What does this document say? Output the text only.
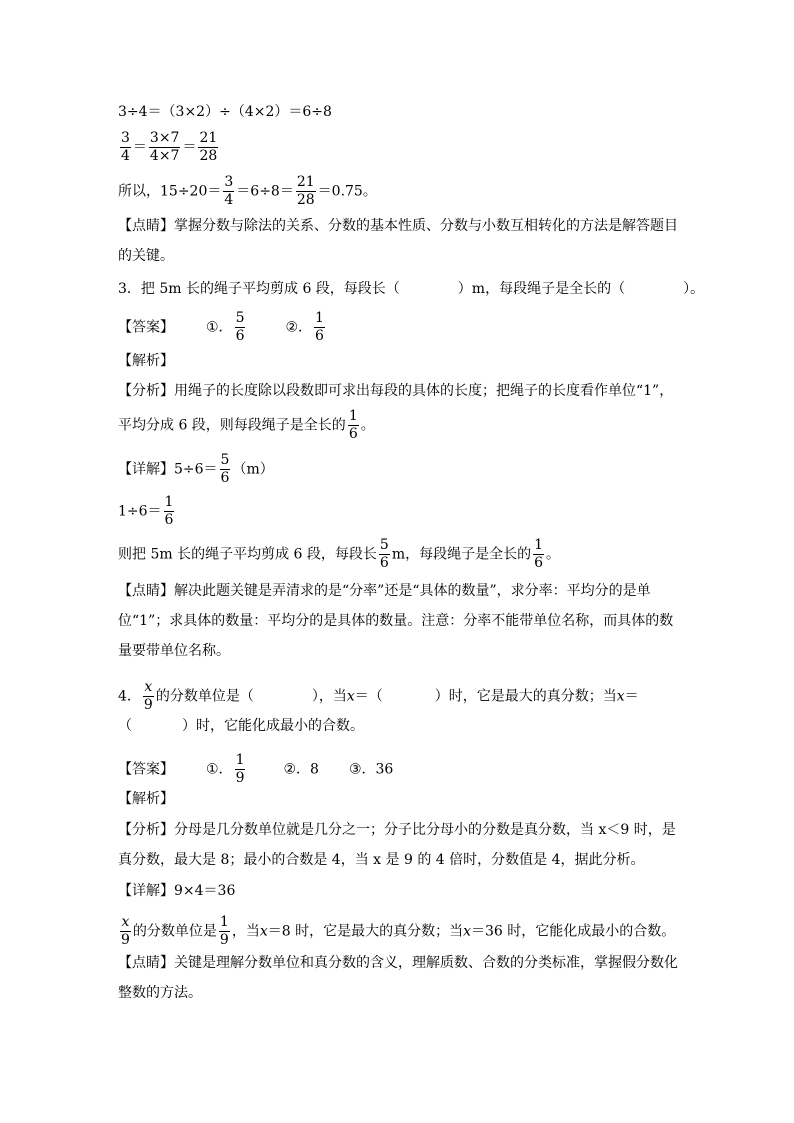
3÷4＝（3×2）÷（4×2）＝6÷8
$\frac{3}{4} = \frac{3\times 7}{4\times 7} = \frac{21}{28}$
所以，$15\div 20= \frac{3}{4} =6\div 8= \frac{21}{28} =0.75$。
【点睛】掌握分数与除法的关系、分数的基本性质、分数与小数互相转化的方法是解答题目
的关键。
3．把 5m 长的绳子平均剪成 6 段，每段长（	）m，每段绳子是全长的（	）。
【答案】 ①． $\frac{5}{6}$	②． $\frac{1}{6}$
【解析】
【分析】用绳子的长度除以段数即可求出每段的具体的长度；把绳子的长度看作单位“1”，
平均分成 6 段，则每段绳子是全长的 $\frac{1}{6}$ 。
【详解】$5\div 6= \frac{5}{6} (m)$
$1\div 6= \frac{1}{6}$
则把 5m 长的绳子平均剪成 6 段，每段长 $\frac{5}{6}$ m，每段绳子是全长的 $\frac{1}{6}$ 。
【点睛】解决此题关键是弄清求的是“分率”还是“具体的数量”，求分率：平均分的是单
位“1”；求具体的数量：平均分的是具体的数量。注意：分率不能带单位名称，而具体的数
量要带单位名称。
4． $\frac{x}{9}$ 的分数单位是（	），当x＝（	）时，它是最大的真分数；当x＝
（	）时，它能化成最小的合数。
【答案】 ①． $\frac{1}{9}$	②．8 ③．36
【解析】
【分析】分母是几分数单位就是几分之一；分子比分母小的分数是真分数，当 x＜9 时，是
真分数，最大是 8；最小的合数是 4，当 x 是 9 的 4 倍时，分数值是 4，据此分析。
【详解】9×4＝36
$\frac{x}{9}$ 的分数单位是 $\frac{1}{9}$ ，当x＝8 时，它是最大的真分数；当x＝36 时，它能化成最小的合数。
【点睛】关键是理解分数单位和真分数的含义，理解质数、合数的分类标准，掌握假分数化
整数的方法。
